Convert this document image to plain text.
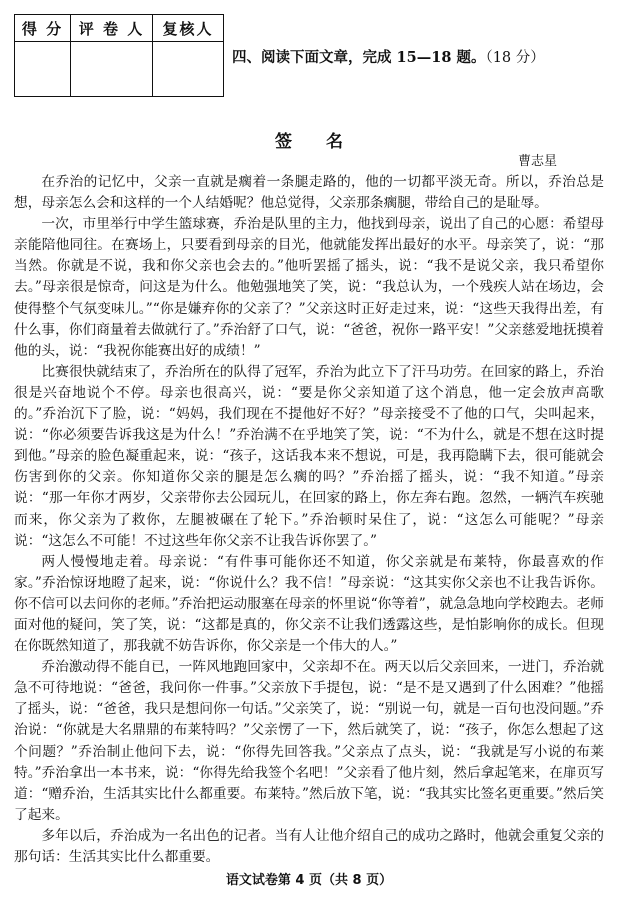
得 分	评 卷 人	复核人

四、阅读下面文章，完成 15—18 题。（18 分）
签名
曹志星

在乔治的记忆中，父亲一直就是瘸着一条腿走路的，他的一切都平淡无奇。所以，乔治总是想，母亲怎么会和这样的一个人结婚呢？他总觉得，父亲那条瘸腿，带给自己的是耻辱。

一次，市里举行中学生篮球赛，乔治是队里的主力，他找到母亲，说出了自己的心愿：希望母亲能陪他同往。在赛场上，只要看到母亲的目光，他就能发挥出最好的水平。母亲笑了，说：“那当然。你就是不说，我和你父亲也会去的。”他听罢摇了摇头，说：“我不是说父亲，我只希望你去。”母亲很是惊奇，问这是为什么。他勉强地笑了笑，说：“我总认为，一个残疾人站在场边，会使得整个气氛变味儿。”“你是嫌弃你的父亲了？”父亲这时正好走过来，说：“这些天我得出差，有什么事，你们商量着去做就行了。”乔治舒了口气，说：“爸爸，祝你一路平安！”父亲慈爱地抚摸着他的头，说：“我祝你能赛出好的成绩！”

比赛很快就结束了，乔治所在的队得了冠军，乔治为此立下了汗马功劳。在回家的路上，乔治很是兴奋地说个不停。母亲也很高兴，说：“要是你父亲知道了这个消息，他一定会放声高歌的。”乔治沉下了脸，说：“妈妈，我们现在不提他好不好？”母亲接受不了他的口气，尖叫起来，说：“你必须要告诉我这是为什么！”乔治满不在乎地笑了笑，说：“不为什么，就是不想在这时提到他。”母亲的脸色凝重起来，说：“孩子，这话我本来不想说，可是，我再隐瞒下去，很可能就会伤害到你的父亲。你知道你父亲的腿是怎么瘸的吗？”乔治摇了摇头，说：“我不知道。”母亲说：“那一年你才两岁，父亲带你去公园玩儿，在回家的路上，你左奔右跑。忽然，一辆汽车疾驰而来，你父亲为了救你，左腿被碾在了轮下。”乔治顿时呆住了，说：“这怎么可能呢？”母亲说：“这怎么不可能！不过这些年你父亲不让我告诉你罢了。”

两人慢慢地走着。母亲说：“有件事可能你还不知道，你父亲就是布莱特，你最喜欢的作家。”乔治惊讶地瞪了起来，说：“你说什么？我不信！”母亲说：“这其实你父亲也不让我告诉你。你不信可以去问你的老师。”乔治把运动服塞在母亲的怀里说“你等着”，就急急地向学校跑去。老师面对他的疑问，笑了笑，说：“这都是真的，你父亲不让我们透露这些，是怕影响你的成长。但现在你既然知道了，那我就不妨告诉你，你父亲是一个伟大的人。”

乔治激动得不能自已，一阵风地跑回家中，父亲却不在。两天以后父亲回来，一进门，乔治就急不可待地说：“爸爸，我问你一件事。”父亲放下手提包，说：“是不是又遇到了什么困难？”他摇了摇头，说：“爸爸，我只是想问你一句话。”父亲笑了，说：“别说一句，就是一百句也没问题。”乔治说：“你就是大名鼎鼎的布莱特吗？”父亲愣了一下，然后就笑了，说：“孩子，你怎么想起了这个问题？”乔治制止他问下去，说：“你得先回答我。”父亲点了点头，说：“我就是写小说的布莱特。”乔治拿出一本书来，说：“你得先给我签个名吧！”父亲看了他片刻，然后拿起笔来，在扉页写道：“赠乔治，生活其实比什么都重要。布莱特。”然后放下笔，说：“我其实比签名更重要。”然后笑了起来。

多年以后，乔治成为一名出色的记者。当有人让他介绍自己的成功之路时，他就会重复父亲的那句话：生活其实比什么都重要。

语文试卷第 4 页（共 8 页）
